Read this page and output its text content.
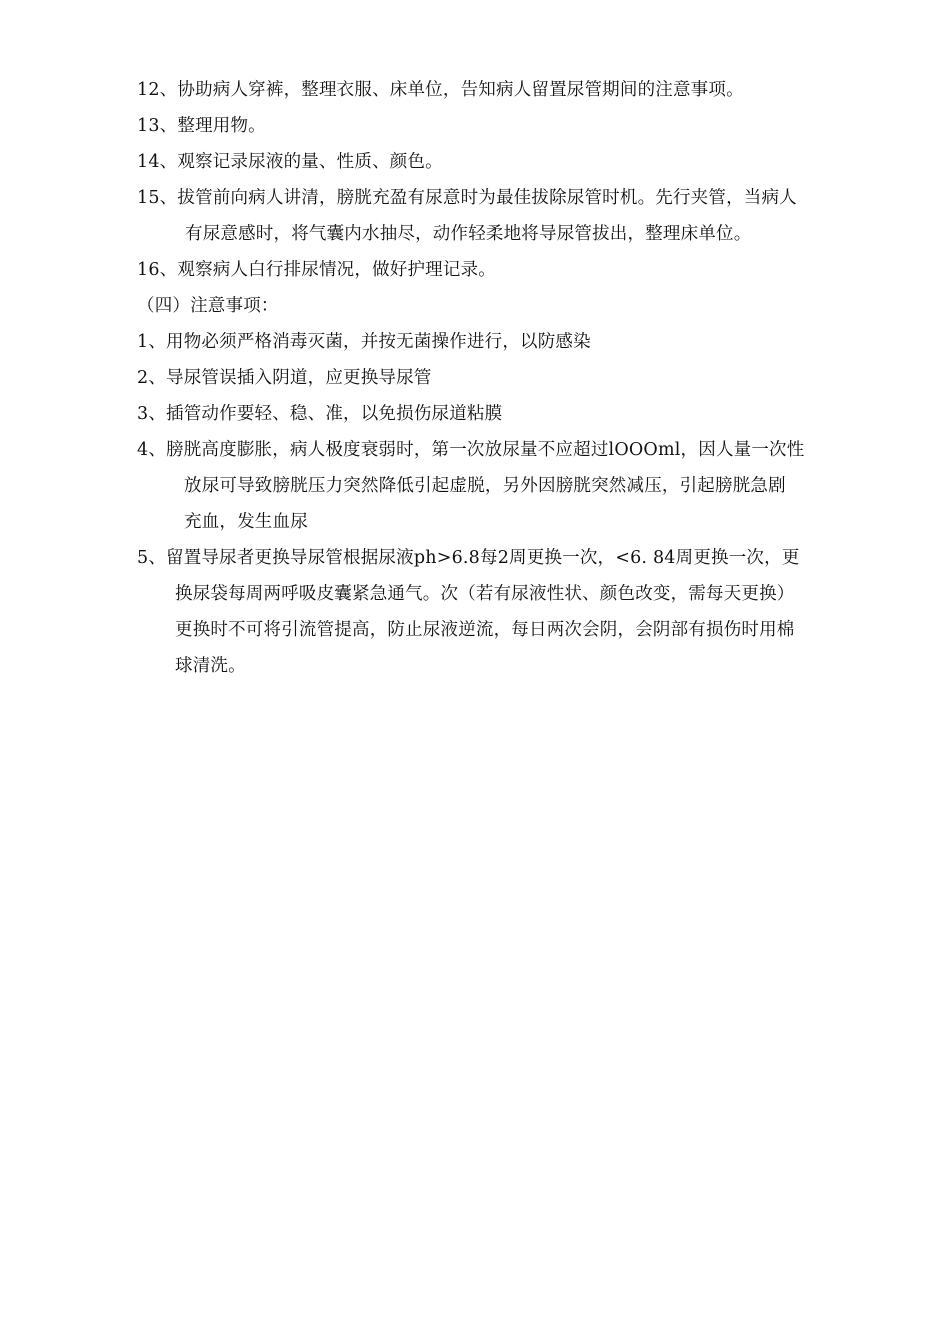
12、协助病人穿裤，整理衣服、床单位，告知病人留置尿管期间的注意事项。
13、整理用物。
14、观察记录尿液的量、性质、颜色。
15、拔管前向病人讲清，膀胱充盈有尿意时为最佳拔除尿管时机。先行夹管，当病人
有尿意感时，将气囊内水抽尽，动作轻柔地将导尿管拔出，整理床单位。
16、观察病人白行排尿情况，做好护理记录。
（四）注意事项：
1、用物必须严格消毒灭菌，并按无菌操作进行，以防感染
2、导尿管误插入阴道，应更换导尿管
3、插管动作要轻、稳、准，以免损伤尿道粘膜
4、膀胱高度膨胀，病人极度衰弱时，第一次放尿量不应超过lOOOml，因人量一次性
放尿可导致膀胱压力突然降低引起虚脱，另外因膀胱突然减压，引起膀胱急剧
充血，发生血尿
5、留置导尿者更换导尿管根据尿液ph>6.8每2周更换一次，<6. 84周更换一次，更
换尿袋每周两呼吸皮囊紧急通气。次（若有尿液性状、颜色改变，需每天更换）
更换时不可将引流管提高，防止尿液逆流，每日两次会阴，会阴部有损伤时用棉
球清洗。
